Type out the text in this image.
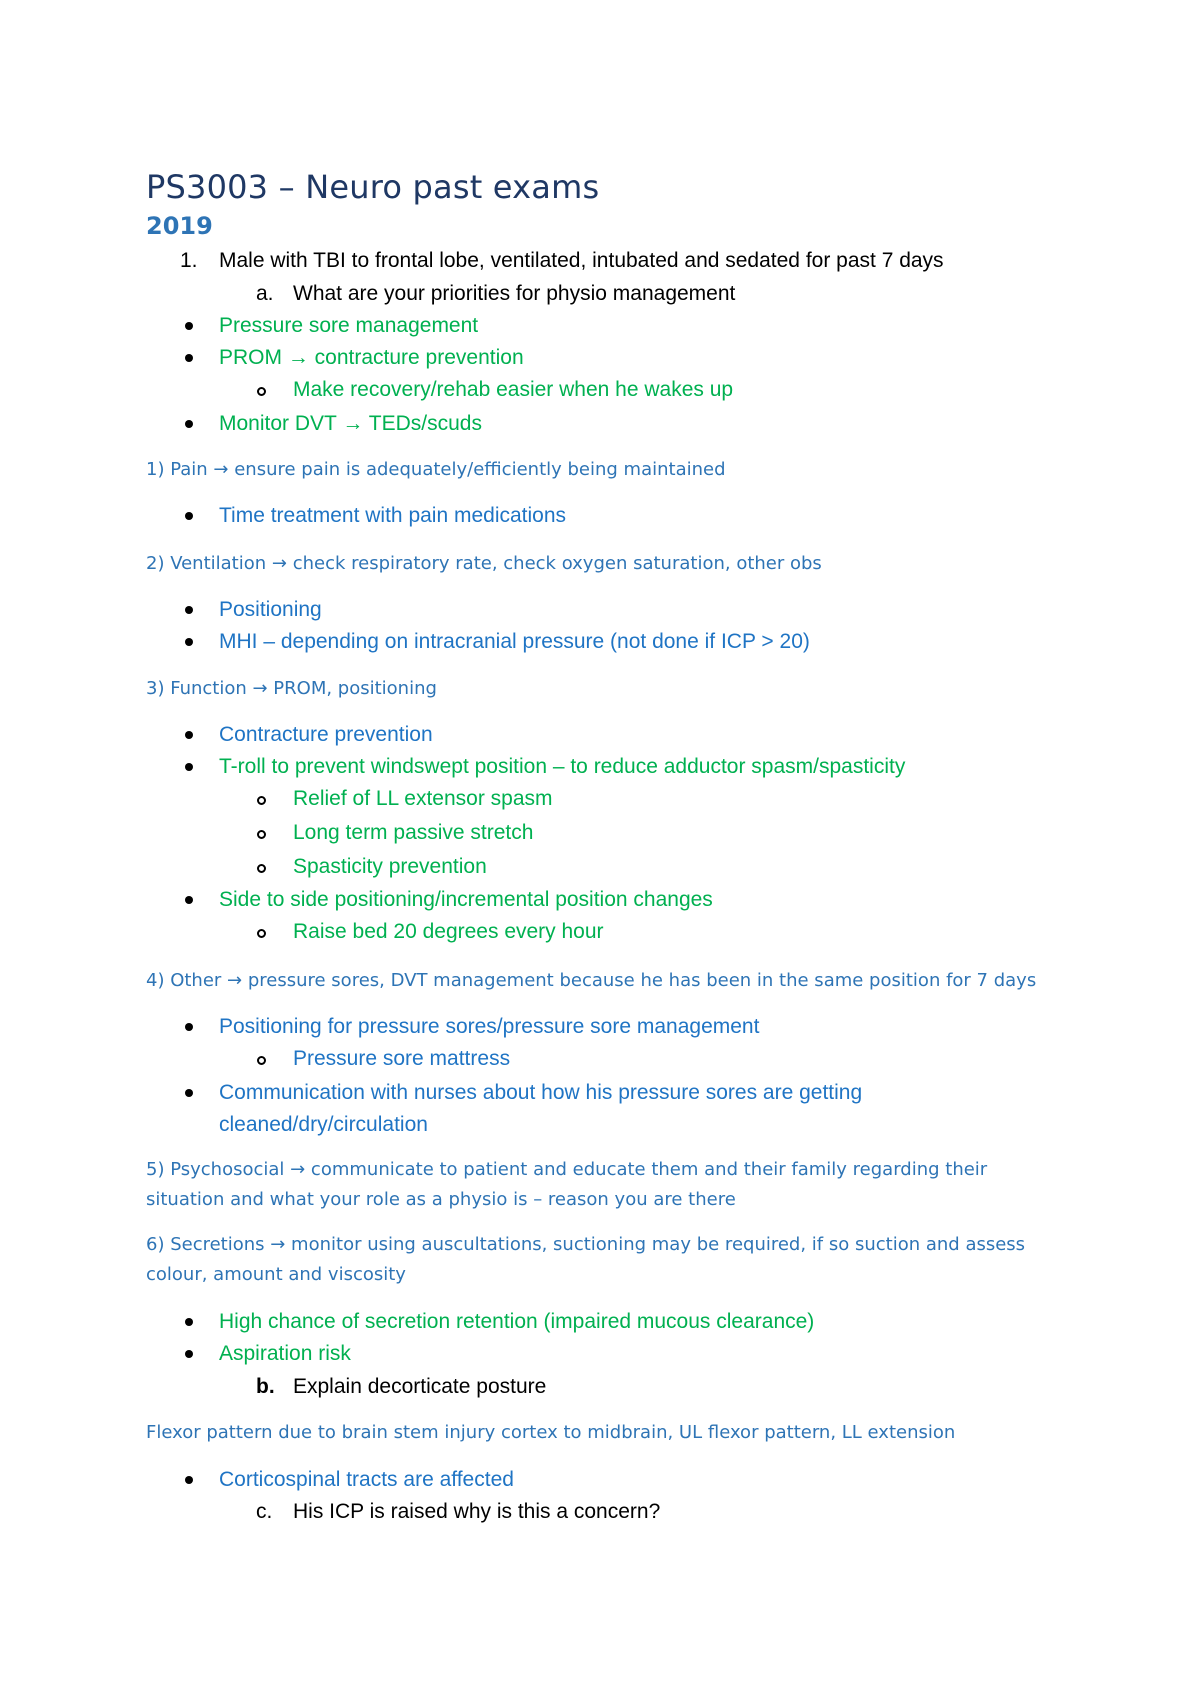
PS3003 – Neuro past exams
2019
1. Male with TBI to frontal lobe, ventilated, intubated and sedated for past 7 days
a. What are your priorities for physio management
Pressure sore management
PROM → contracture prevention
Make recovery/rehab easier when he wakes up
Monitor DVT → TEDs/scuds
1) Pain → ensure pain is adequately/efficiently being maintained
Time treatment with pain medications
2) Ventilation → check respiratory rate, check oxygen saturation, other obs
Positioning
MHI – depending on intracranial pressure (not done if ICP > 20)
3) Function → PROM, positioning
Contracture prevention
T-roll to prevent windswept position – to reduce adductor spasm/spasticity
Relief of LL extensor spasm
Long term passive stretch
Spasticity prevention
Side to side positioning/incremental position changes
Raise bed 20 degrees every hour
4) Other → pressure sores, DVT management because he has been in the same position for 7 days
Positioning for pressure sores/pressure sore management
Pressure sore mattress
Communication with nurses about how his pressure sores are getting
cleaned/dry/circulation
5) Psychosocial → communicate to patient and educate them and their family regarding their
situation and what your role as a physio is – reason you are there
6) Secretions → monitor using auscultations, suctioning may be required, if so suction and assess
colour, amount and viscosity
High chance of secretion retention (impaired mucous clearance)
Aspiration risk
b. Explain decorticate posture
Flexor pattern due to brain stem injury cortex to midbrain, UL flexor pattern, LL extension
Corticospinal tracts are affected
c. His ICP is raised why is this a concern?
